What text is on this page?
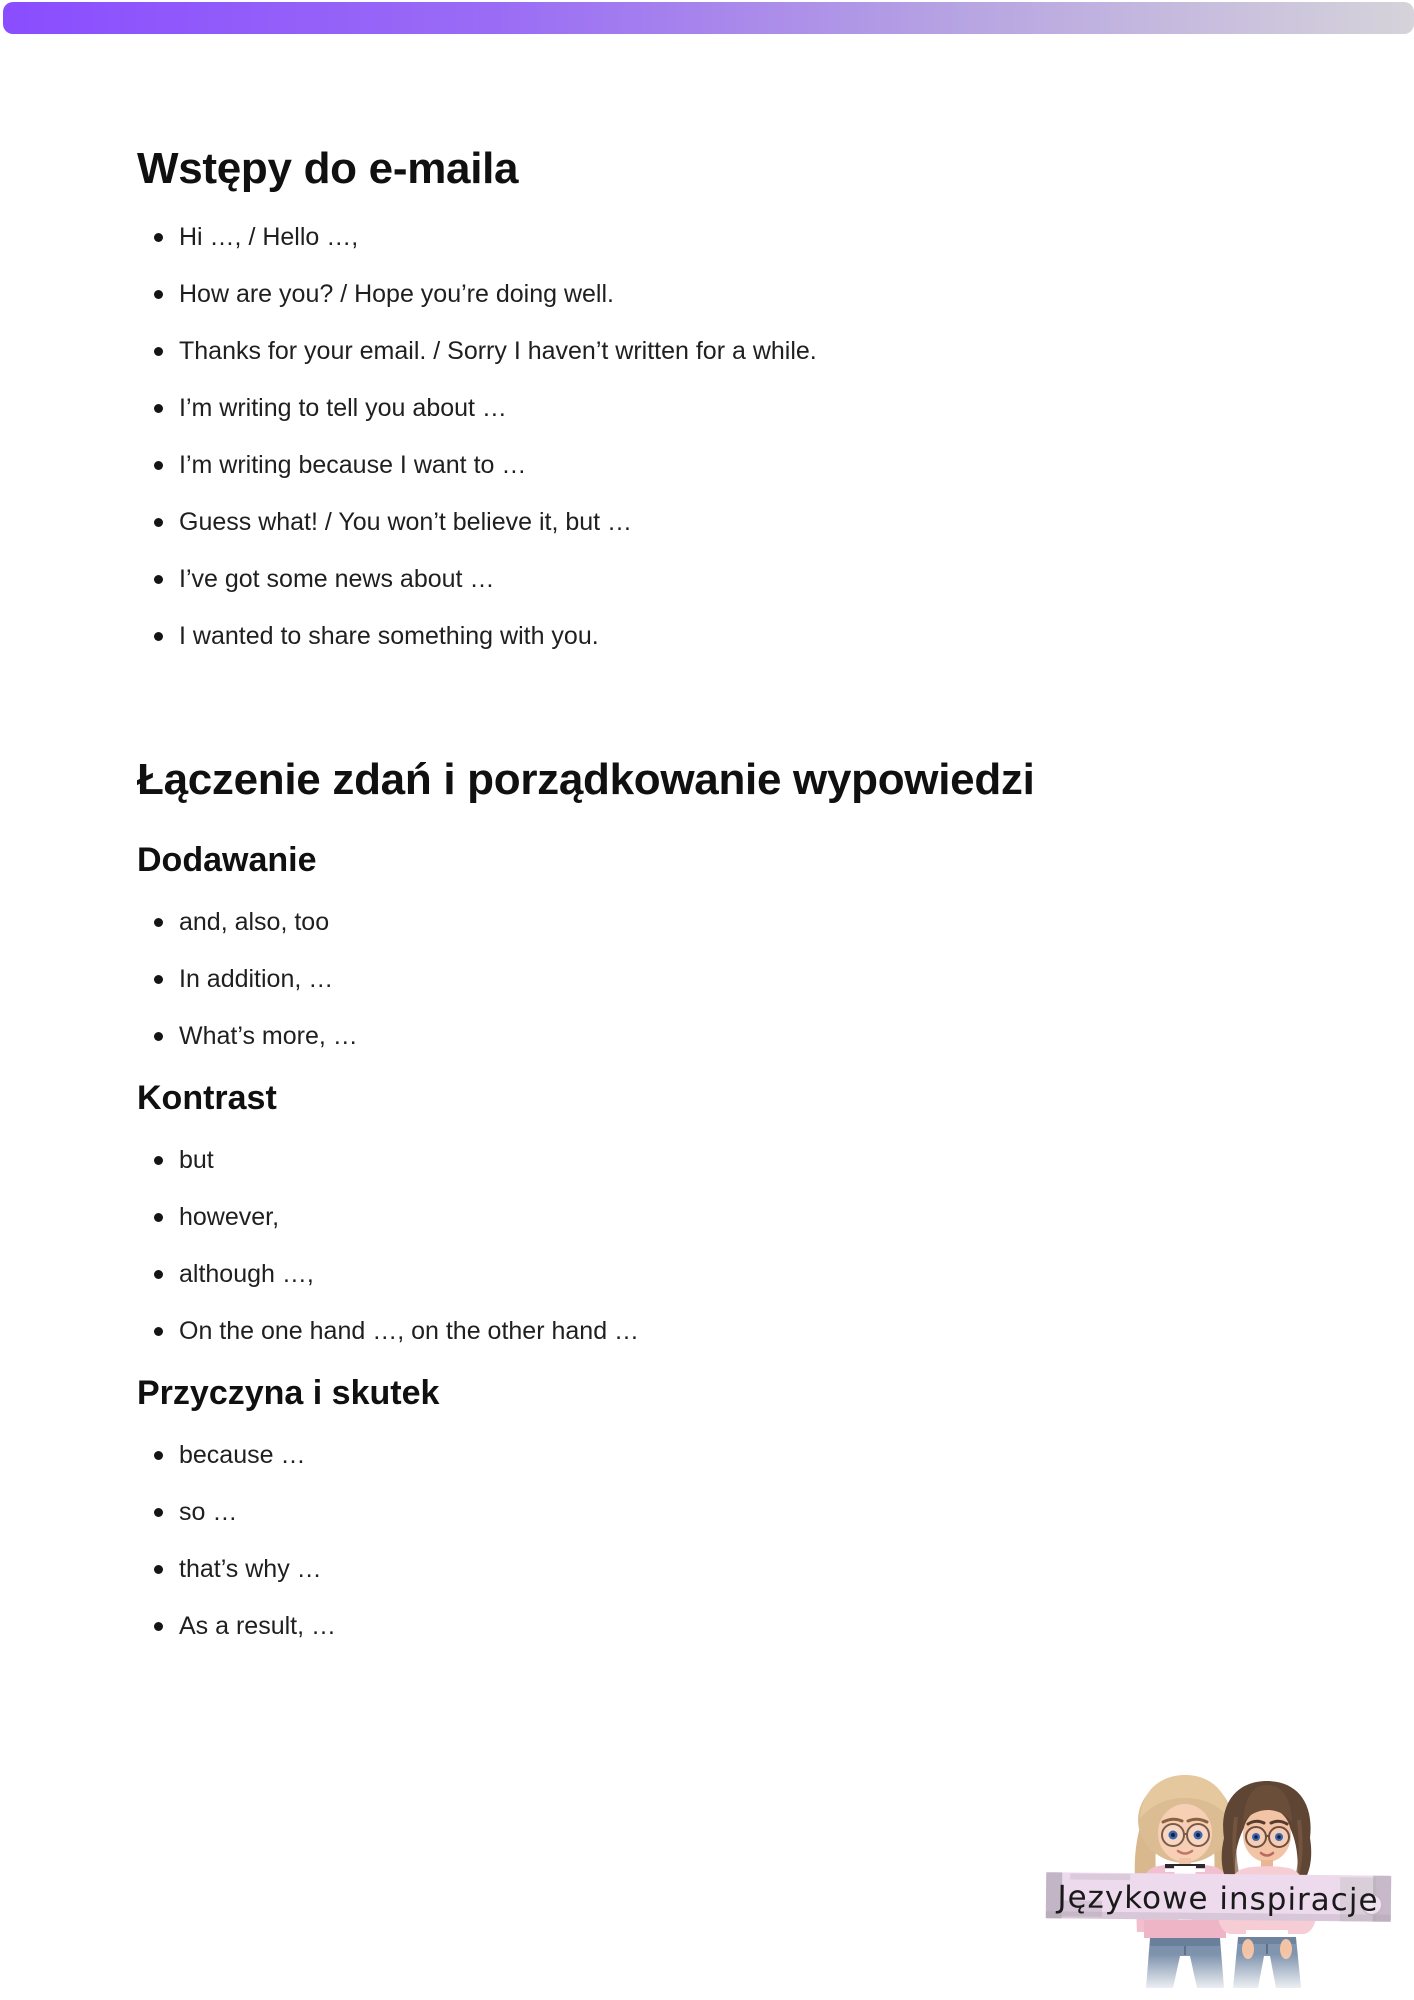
Wstępy do e-maila
Hi …, / Hello …,
How are you? / Hope you’re doing well.
Thanks for your email. / Sorry I haven’t written for a while.
I’m writing to tell you about …
I’m writing because I want to …
Guess what! / You won’t believe it, but …
I’ve got some news about …
I wanted to share something with you.
Łączenie zdań i porządkowanie wypowiedzi
Dodawanie
and, also, too
In addition, …
What’s more, …
Kontrast
but
however,
although …,
On the one hand …, on the other hand …
Przyczyna i skutek
because …
so …
that’s why …
As a result, …
Językowe inspiracje
